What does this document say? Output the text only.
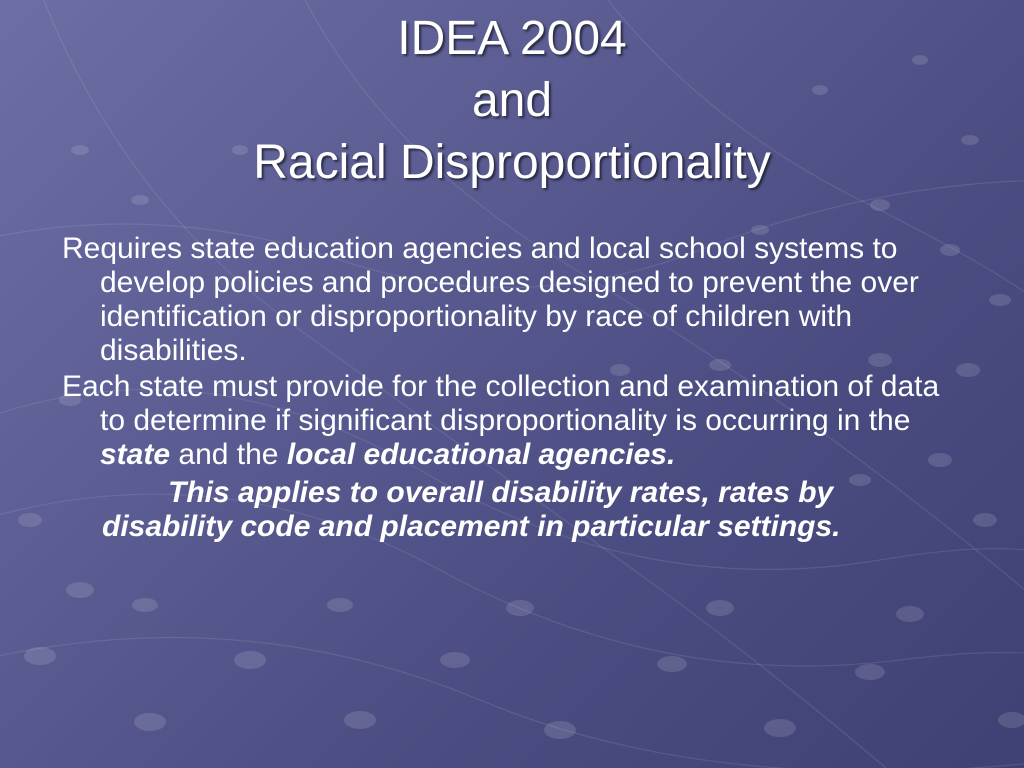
IDEA 2004
and
Racial Disproportionality

Requires state education agencies and local school systems to develop policies and procedures designed to prevent the over identification or disproportionality by race of children with disabilities.

Each state must provide for the collection and examination of data to determine if significant disproportionality is occurring in the state and the local educational agencies.

This applies to overall disability rates, rates by disability code and placement in particular settings.
